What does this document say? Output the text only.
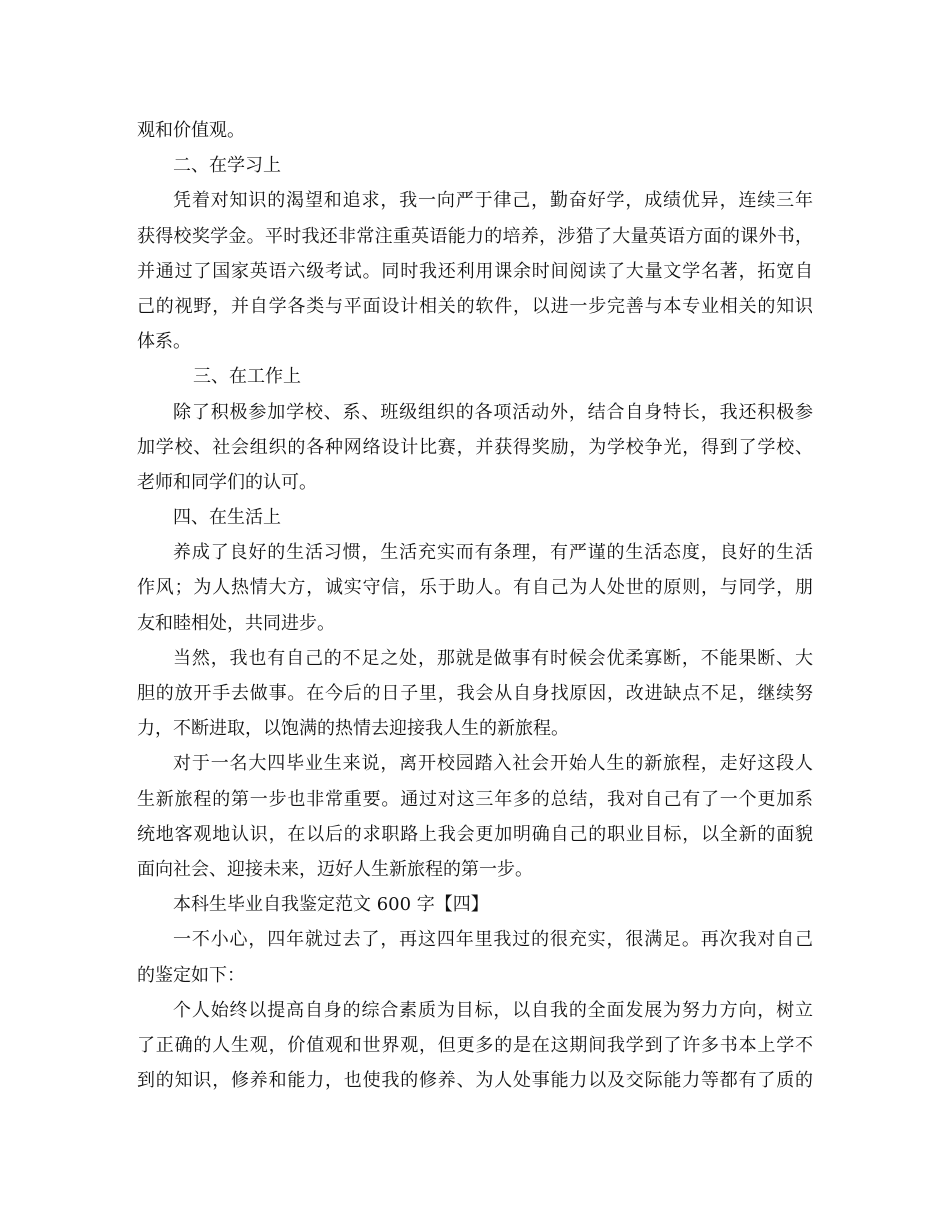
观和价值观。
二、在学习上
凭着对知识的渴望和追求，我一向严于律己，勤奋好学，成绩优异，连续三年
获得校奖学金。平时我还非常注重英语能力的培养，涉猎了大量英语方面的课外书，
并通过了国家英语六级考试。同时我还利用课余时间阅读了大量文学名著，拓宽自
己的视野，并自学各类与平面设计相关的软件，以进一步完善与本专业相关的知识
体系。
三、在工作上
除了积极参加学校、系、班级组织的各项活动外，结合自身特长，我还积极参
加学校、社会组织的各种网络设计比赛，并获得奖励，为学校争光，得到了学校、
老师和同学们的认可。
四、在生活上
养成了良好的生活习惯，生活充实而有条理，有严谨的生活态度，良好的生活
作风；为人热情大方，诚实守信，乐于助人。有自己为人处世的原则，与同学，朋
友和睦相处，共同进步。
当然，我也有自己的不足之处，那就是做事有时候会优柔寡断，不能果断、大
胆的放开手去做事。在今后的日子里，我会从自身找原因，改进缺点不足，继续努
力，不断进取，以饱满的热情去迎接我人生的新旅程。
对于一名大四毕业生来说，离开校园踏入社会开始人生的新旅程，走好这段人
生新旅程的第一步也非常重要。通过对这三年多的总结，我对自己有了一个更加系
统地客观地认识，在以后的求职路上我会更加明确自己的职业目标，以全新的面貌
面向社会、迎接未来，迈好人生新旅程的第一步。
本科生毕业自我鉴定范文 600 字【四】
一不小心，四年就过去了，再这四年里我过的很充实，很满足。再次我对自己
的鉴定如下：
个人始终以提高自身的综合素质为目标，以自我的全面发展为努力方向，树立
了正确的人生观，价值观和世界观，但更多的是在这期间我学到了许多书本上学不
到的知识，修养和能力，也使我的修养、为人处事能力以及交际能力等都有了质的
